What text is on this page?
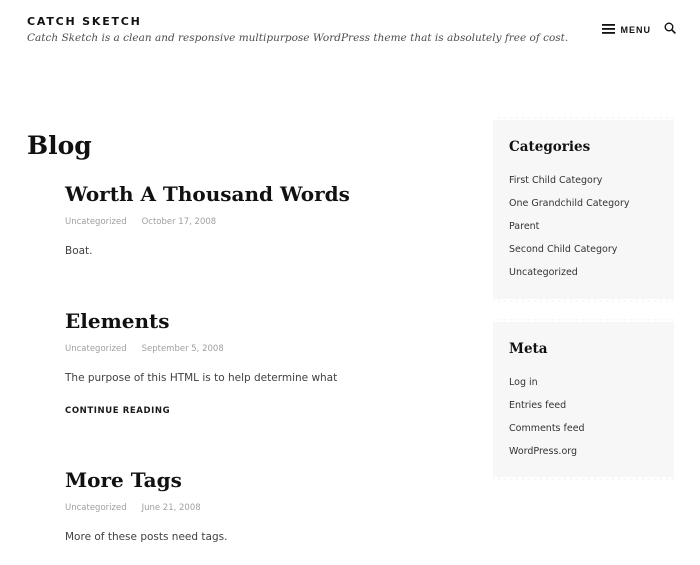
CATCH SKETCH
Catch Sketch is a clean and responsive multipurpose WordPress theme that is absolutely free of cost.
MENU
Blog
Worth A Thousand Words
Uncategorized October 17, 2008

Boat.

Elements
Uncategorized September 5, 2008

The purpose of this HTML is to help determine what

CONTINUE READING
More Tags
Uncategorized June 21, 2008

More of these posts need tags.

Categories
First Child Category
One Grandchild Category
Parent
Second Child Category
Uncategorized
Meta
Log in
Entries feed
Comments feed
WordPress.org
